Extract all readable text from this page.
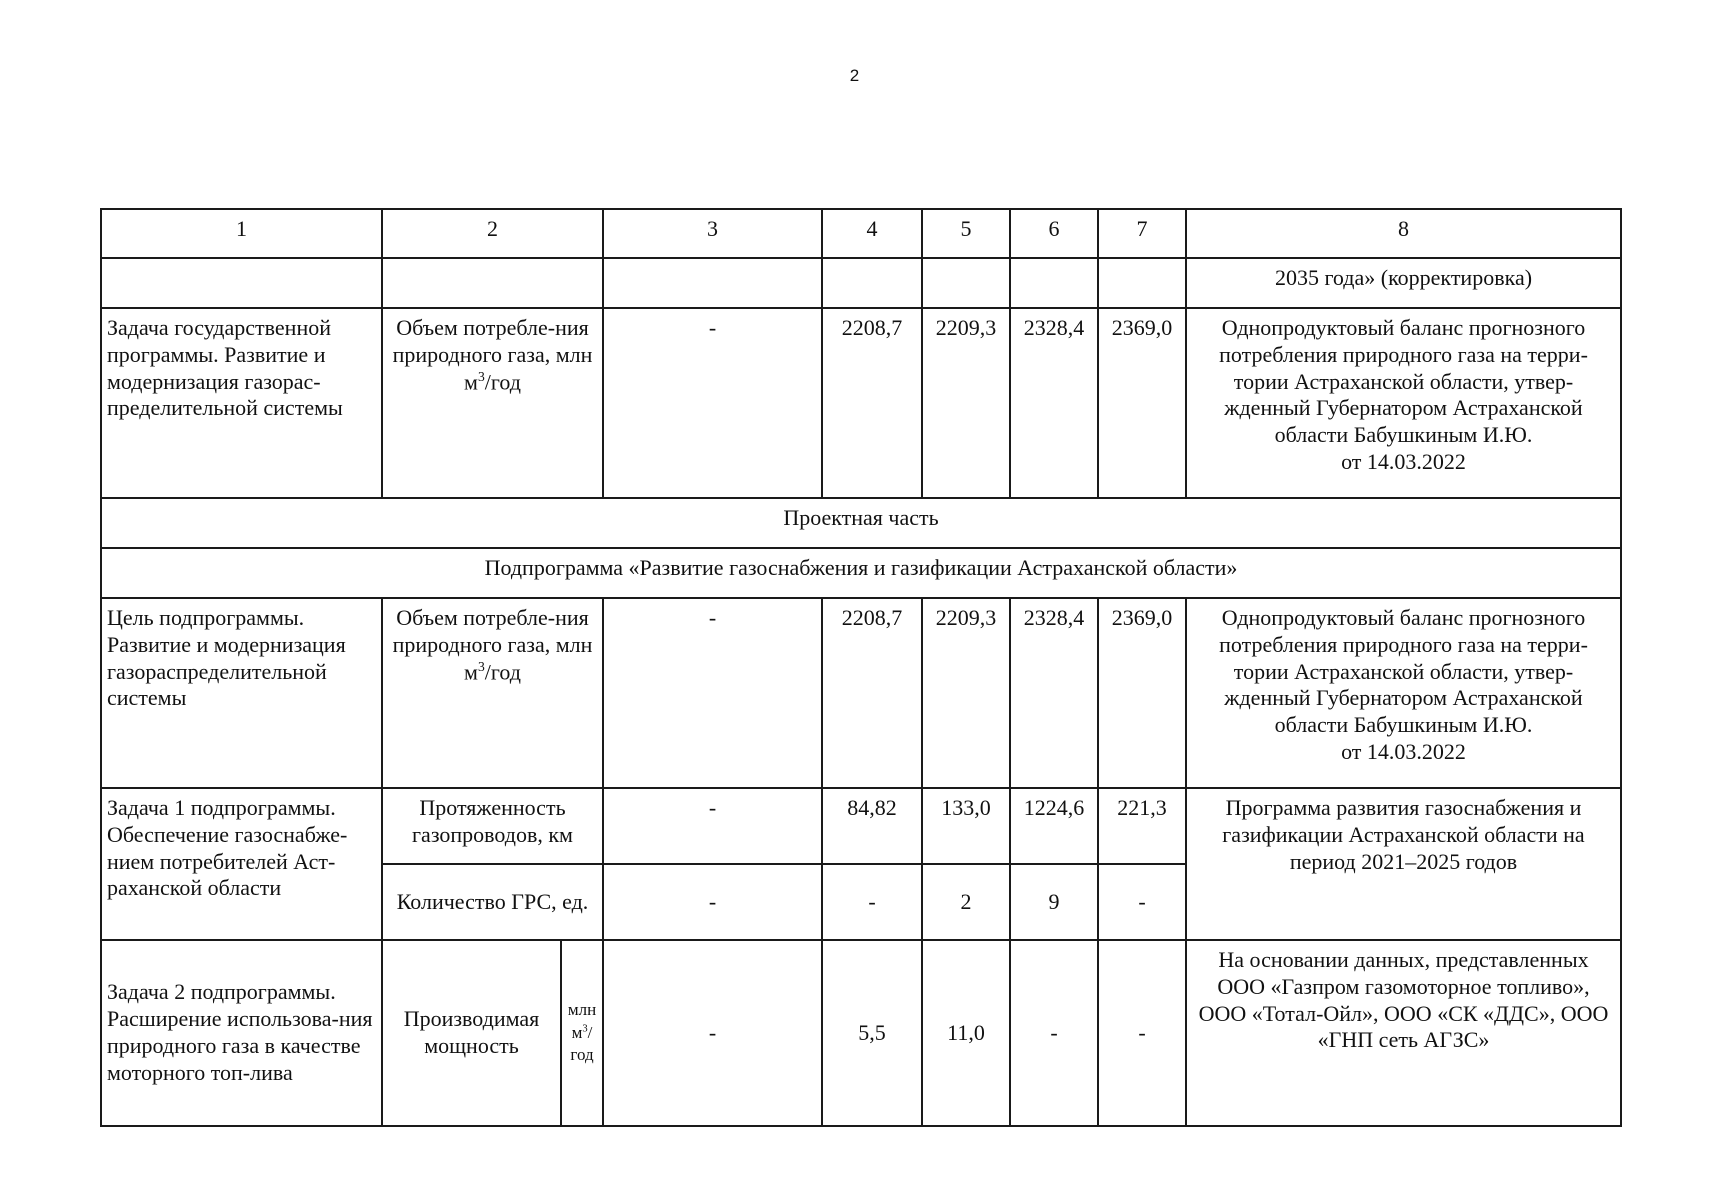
2
1	2		3	4	5	6	7	8
								2035 года» (корректировка)
Задача государственной программы. Развитие и модернизация газорас-пределительной системы	Объем потребле-ния природного газа, млн $м^3$/год		-	2208,7	2209,3	2328,4	2369,0	Однопродуктовый баланс прогнозного потребления природного газа на терри-тории Астраханской области, утвер-жденный Губернатором Астраханской области Бабушкиным И.Ю.
от 14.03.2022

Проектная часть								
Подпрограмма «Развитие газоснабжения и газификации Астраханской области»								
Цель подпрограммы. Развитие и модернизация газораспределительной системы	Объем потребле-ния природного газа, млн $м^3$/год		-	2208,7	2209,3	2328,4	2369,0	Однопродуктовый баланс прогнозного потребления природного газа на терри-тории Астраханской области, утвер-жденный Губернатором Астраханской области Бабушкиным И.Ю.
от 14.03.2022

Задача 1 подпрограммы. Обеспечение газоснабже-нием потребителей Аст-раханской области	Протяженность газопроводов, км		-	84,82	133,0	1224,6	221,3	Программа развития газоснабжения и газификации Астраханской области на период 2021–2025 годов
	Количество ГРС, ед.		-	-	2	9	-	
Задача 2 подпрограммы. Расширение использова-ния природного газа в качестве моторного топ-лива	Производимая мощность	млн
$м^3/$
год	-	5,5	11,0	-	-	На основании данных, представленных ООО «Газпром газомоторное топливо», ООО «Тотал-Ойл», ООО «СК «ДДС», ООО «ГНП сеть АГЗС»
